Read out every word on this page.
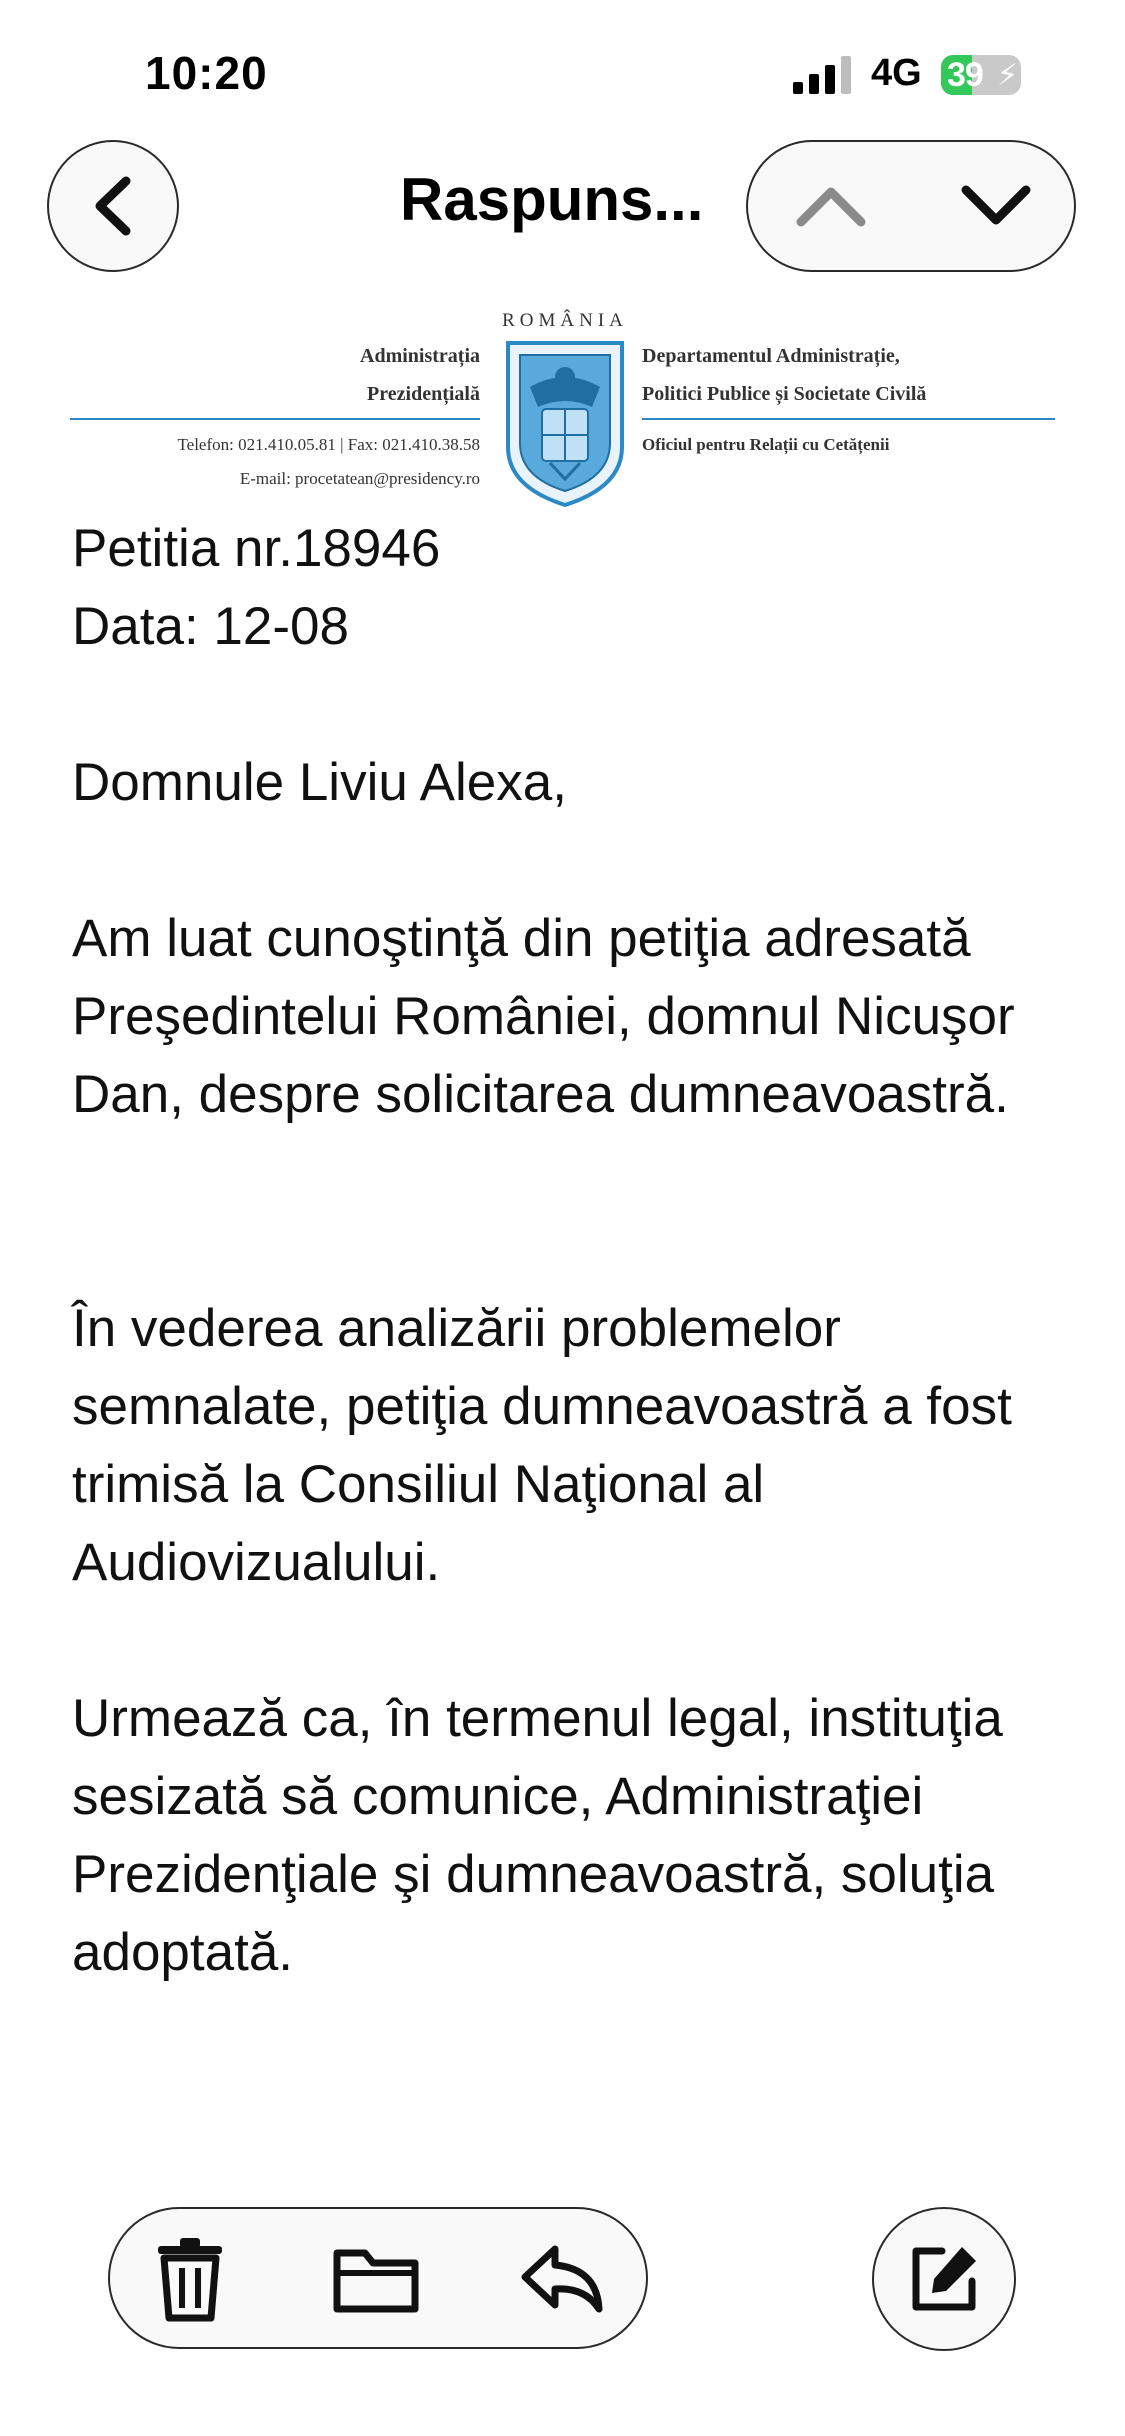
10:20	4G 39 ⚡
Raspuns...
ROMÂNIA
Administrația
Prezidențială
Telefon: 021.410.05.81 | Fax: 021.410.38.58
E-mail: procetatean@presidency.ro
Departamentul Administrație,
Politici Publice și Societate Civilă
Oficiul pentru Relații cu Cetățenii
Petitia nr.18946
Data: 12-08
Domnule Liviu Alexa,
Am luat cunoştinţă din petiţia adresată Preşedintelui României, domnul Nicuşor Dan, despre solicitarea dumneavoastră.
În vederea analizării problemelor semnalate, petiţia dumneavoastră a fost trimisă la Consiliul Naţional al Audiovizualului.
Urmează ca, în termenul legal, instituţia sesizată să comunice, Administraţiei Prezidenţiale şi dumneavoastră, soluţia adoptată.
